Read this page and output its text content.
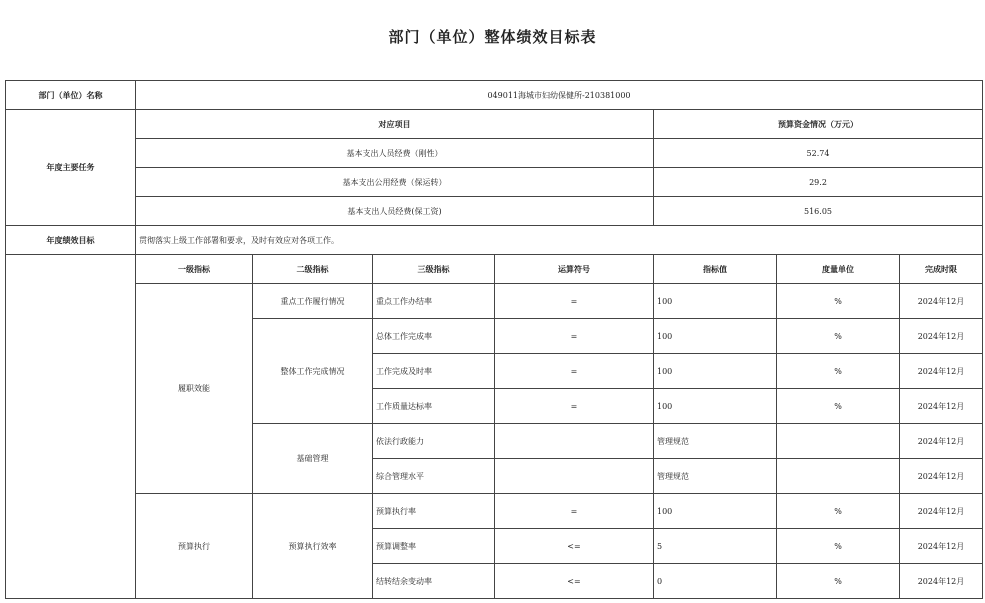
部门（单位）整体绩效目标表
部门（单位）名称	049011海城市妇幼保健所-210381000						
年度主要任务	对应项目				预算资金情况（万元）		
	基本支出人员经费（刚性）				52.74		
	基本支出公用经费（保运转）				29.2		
	基本支出人员经费(保工资)				516.05		
年度绩效目标	贯彻落实上级工作部署和要求，及时有效应对各项工作。						
	一级指标	二级指标	三级指标	运算符号	指标值	度量单位	完成时限
	履职效能	重点工作履行情况	重点工作办结率	=	100	%	2024年12月
		整体工作完成情况	总体工作完成率	=	100	%	2024年12月
			工作完成及时率	=	100	%	2024年12月
			工作质量达标率	=	100	%	2024年12月
		基础管理	依法行政能力		管理规范		2024年12月
			综合管理水平		管理规范		2024年12月
	预算执行	预算执行效率	预算执行率	=	100	%	2024年12月
			预算调整率	<=	5	%	2024年12月
			结转结余变动率	<=	0	%	2024年12月
